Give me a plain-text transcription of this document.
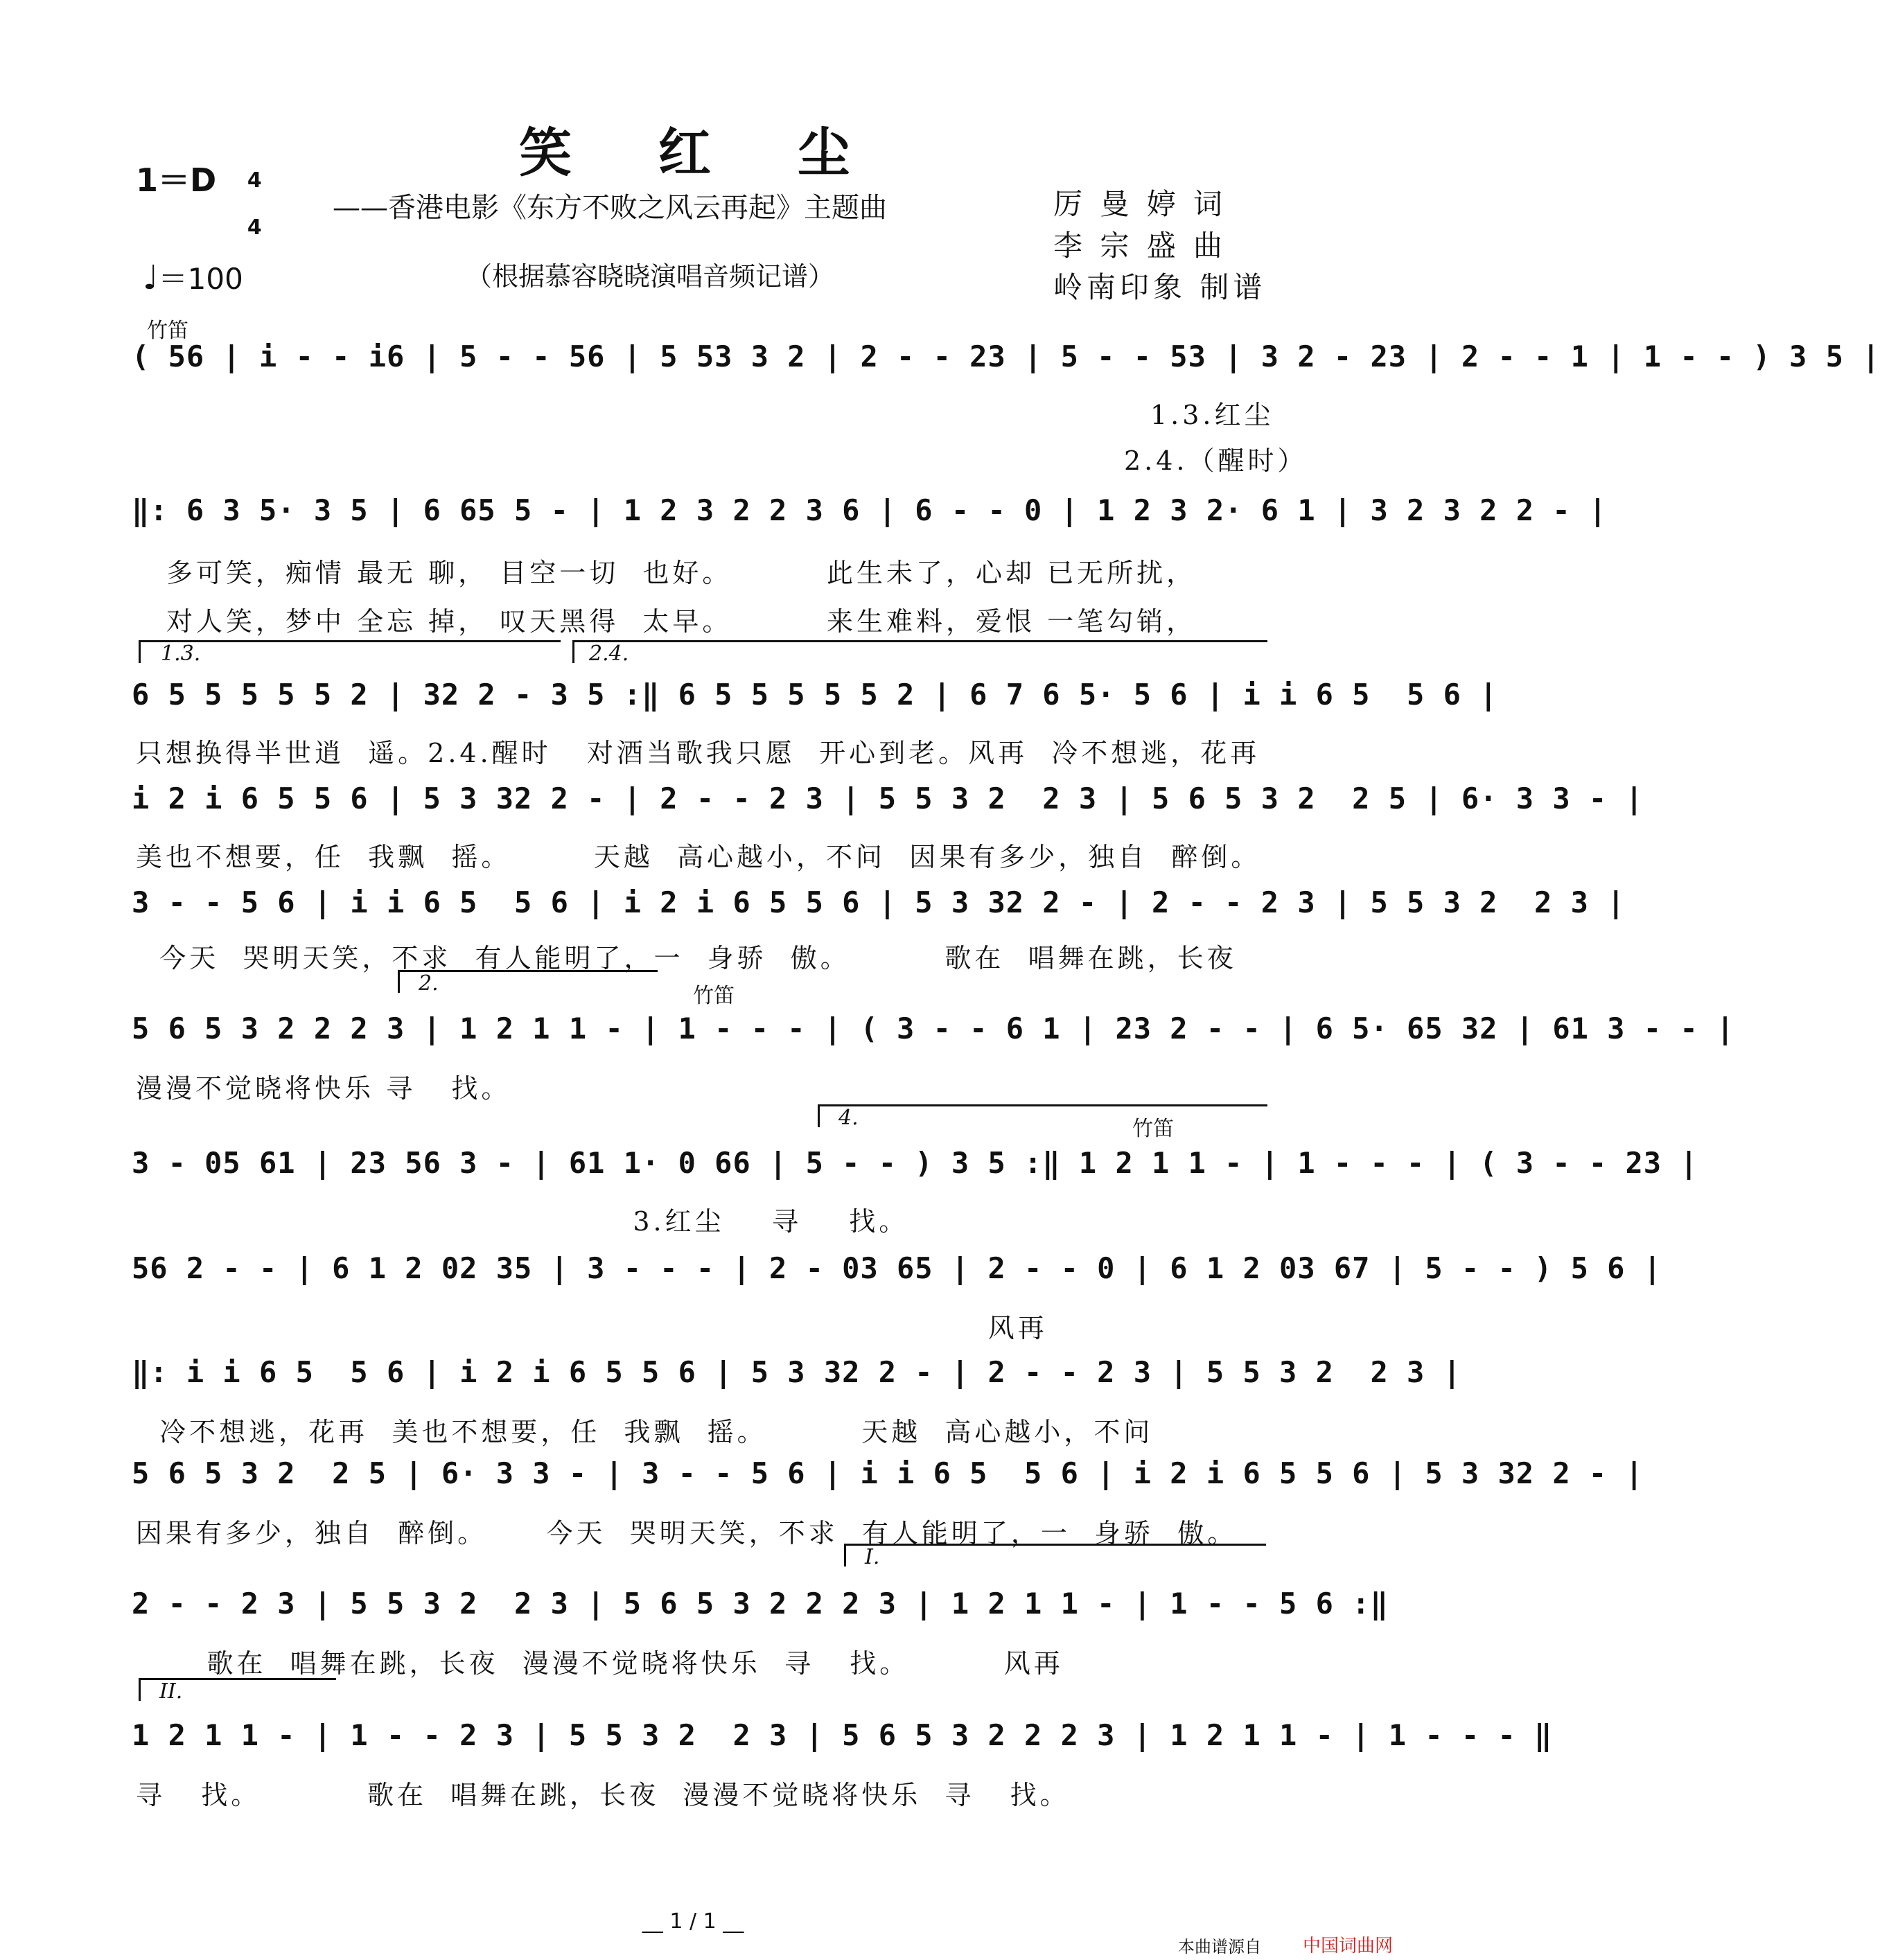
笑  红  尘
——香港电影《东方不败之风云再起》主题曲
（根据慕容晓晓演唱音频记谱）
厉 曼 婷 词
李 宗 盛 曲
岭南印象 制谱
1＝D	4

4

♩＝100
竹笛
( 56 | i - - i6 | 5 - - 56 | 5 53 3 2 | 2 - - 23 | 5 - - 53 | 3 2 - 23 | 2 - - 1 | 1 - - ) 3 5 |
1.3.红尘
2.4.（醒时）
‖: 6 3 5· 3 5 | 6 65 5 - | 1 2 3 2 2 3 6 | 6 - - 0 | 1 2 3 2· 6 1 | 3 2 3 2 2 - |
多可笑，痴情 最无 聊， 目空一切  也好。        此生未了，心却 已无所扰，
对人笑，梦中 全忘 掉， 叹天黑得  太早。        来生难料，爱恨 一笔勾销，
1.3.	2.4.
6 5 5 5 5 5 2 | 32 2 - 3 5 :‖ 6 5 5 5 5 5 2 | 6 7 6 5· 5 6 | i i 6 5  5 6 |
只想换得半世逍  遥。2.4.醒时   对酒当歌我只愿  开心到老。风再  冷不想逃，花再
i 2 i 6 5 5 6 | 5 3 32 2 - | 2 - - 2 3 | 5 5 3 2  2 3 | 5 6 5 3 2  2 5 | 6· 3 3 - |
美也不想要，任  我飘  摇。       天越  高心越小，不问  因果有多少，独自  醉倒。
3 - - 5 6 | i i 6 5  5 6 | i 2 i 6 5 5 6 | 5 3 32 2 - | 2 - - 2 3 | 5 5 3 2  2 3 |
今天  哭明天笑，不求  有人能明了，一  身骄  傲。        歌在  唱舞在跳，长夜
2.
竹笛
5 6 5 3 2 2 2 3 | 1 2 1 1 - | 1 - - - | ( 3 - - 6 1 | 23 2 - - | 6 5· 65 32 | 61 3 - - |
漫漫不觉晓将快乐 寻   找。
4.	竹笛
3 - 05 61 | 23 56 3 - | 61 1· 0 66 | 5 - - ) 3 5 :‖ 1 2 1 1 - | 1 - - - | ( 3 - - 23 |
3.红尘    寻    找。
56 2 - - | 6 1 2 02 35 | 3 - - - | 2 - 03 65 | 2 - - 0 | 6 1 2 03 67 | 5 - - ) 5 6 |
风再
‖: i i 6 5  5 6 | i 2 i 6 5 5 6 | 5 3 32 2 - | 2 - - 2 3 | 5 5 3 2  2 3 |
冷不想逃，花再  美也不想要，任  我飘  摇。        天越  高心越小，不问
5 6 5 3 2  2 5 | 6· 3 3 - | 3 - - 5 6 | i i 6 5  5 6 | i 2 i 6 5 5 6 | 5 3 32 2 - |
因果有多少，独自  醉倒。     今天  哭明天笑，不求  有人能明了，一  身骄  傲。
I.
2 - - 2 3 | 5 5 3 2  2 3 | 5 6 5 3 2 2 2 3 | 1 2 1 1 - | 1 - - 5 6 :‖
歌在  唱舞在跳，长夜  漫漫不觉晓将快乐  寻   找。        风再
II.
1 2 1 1 - | 1 - - 2 3 | 5 5 3 2  2 3 | 5 6 5 3 2 2 2 3 | 1 2 1 1 - | 1 - - - ‖
寻   找。         歌在  唱舞在跳，长夜  漫漫不觉晓将快乐  寻   找。
__ 1 / 1 __
本曲谱源自 中国词曲网
